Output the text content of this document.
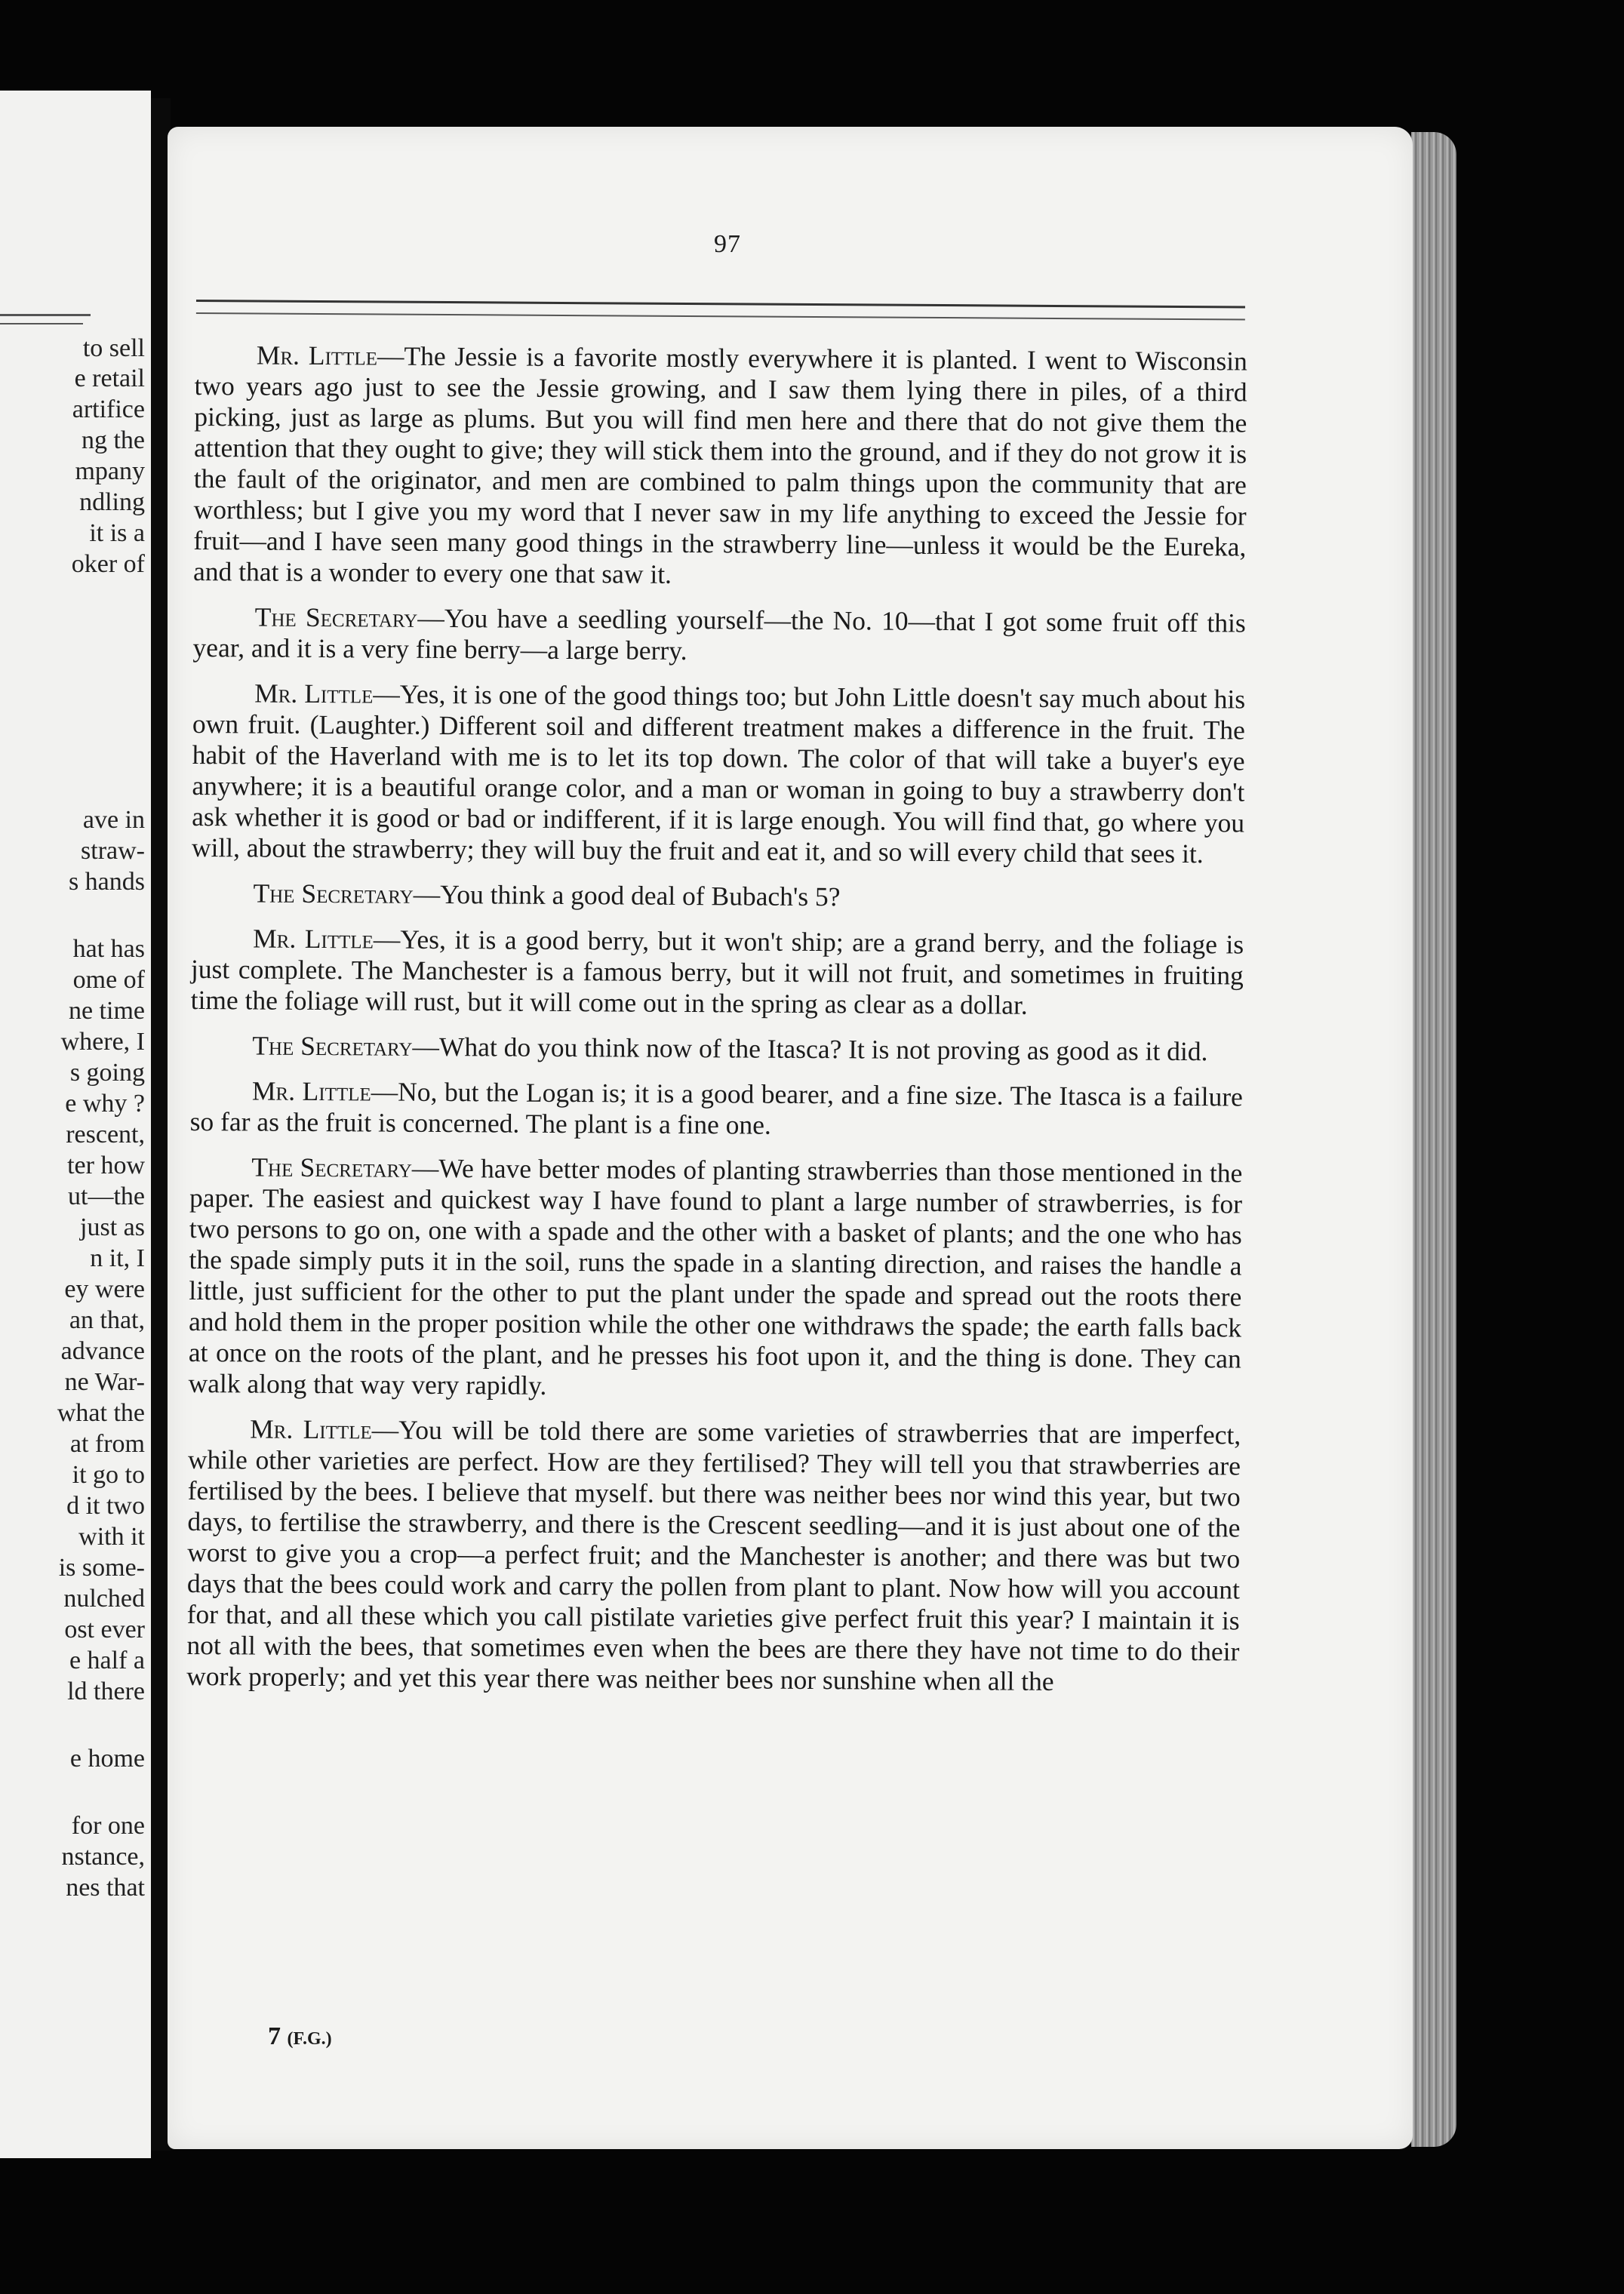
to sell
e retail
artifice
ng the
mpany
ndling
it is a
oker of
ave in
straw-
s hands
hat has
ome of
ne time
where, I
s going
e why ?
rescent,
ter how
ut—the
just as
n it, I
ey were
an that,
advance
ne War-
what the
at from
it go to
d it two
with it
is some-
nulched
ost ever
e half a
ld there
e home
for one
nstance,
nes that
97

Mr. Little—The Jessie is a favorite mostly everywhere it is planted. I went to Wisconsin two years ago just to see the Jessie growing, and I saw them lying there in piles, of a third picking, just as large as plums. But you will find men here and there that do not give them the attention that they ought to give; they will stick them into the ground, and if they do not grow it is the fault of the originator, and men are combined to palm things upon the community that are worthless; but I give you my word that I never saw in my life anything to exceed the Jessie for fruit—and I have seen many good things in the strawberry line—unless it would be the Eureka, and that is a wonder to every one that saw it.

The Secretary—You have a seedling yourself—the No. 10—that I got some fruit off this year, and it is a very fine berry—a large berry.

Mr. Little—Yes, it is one of the good things too; but John Little doesn't say much about his own fruit. (Laughter.) Different soil and different treatment makes a difference in the fruit. The habit of the Haverland with me is to let its top down. The color of that will take a buyer's eye anywhere; it is a beautiful orange color, and a man or woman in going to buy a strawberry don't ask whether it is good or bad or indifferent, if it is large enough. You will find that, go where you will, about the strawberry; they will buy the fruit and eat it, and so will every child that sees it.

The Secretary—You think a good deal of Bubach's 5?

Mr. Little—Yes, it is a good berry, but it won't ship; are a grand berry, and the foliage is just complete. The Manchester is a famous berry, but it will not fruit, and sometimes in fruiting time the foliage will rust, but it will come out in the spring as clear as a dollar.

The Secretary—What do you think now of the Itasca? It is not proving as good as it did.

Mr. Little—No, but the Logan is; it is a good bearer, and a fine size. The Itasca is a failure so far as the fruit is concerned. The plant is a fine one.

The Secretary—We have better modes of planting strawberries than those mentioned in the paper. The easiest and quickest way I have found to plant a large number of strawberries, is for two persons to go on, one with a spade and the other with a basket of plants; and the one who has the spade simply puts it in the soil, runs the spade in a slanting direction, and raises the handle a little, just sufficient for the other to put the plant under the spade and spread out the roots there and hold them in the proper position while the other one withdraws the spade; the earth falls back at once on the roots of the plant, and he presses his foot upon it, and the thing is done. They can walk along that way very rapidly.

Mr. Little—You will be told there are some varieties of strawberries that are imperfect, while other varieties are perfect. How are they fertilised? They will tell you that strawberries are fertilised by the bees. I believe that myself. but there was neither bees nor wind this year, but two days, to fertilise the strawberry, and there is the Crescent seedling—and it is just about one of the worst to give you a crop—a perfect fruit; and the Manchester is another; and there was but two days that the bees could work and carry the pollen from plant to plant. Now how will you account for that, and all these which you call pistilate varieties give perfect fruit this year? I maintain it is not all with the bees, that sometimes even when the bees are there they have not time to do their work properly; and yet this year there was neither bees nor sunshine when all the

7 (F.G.)
